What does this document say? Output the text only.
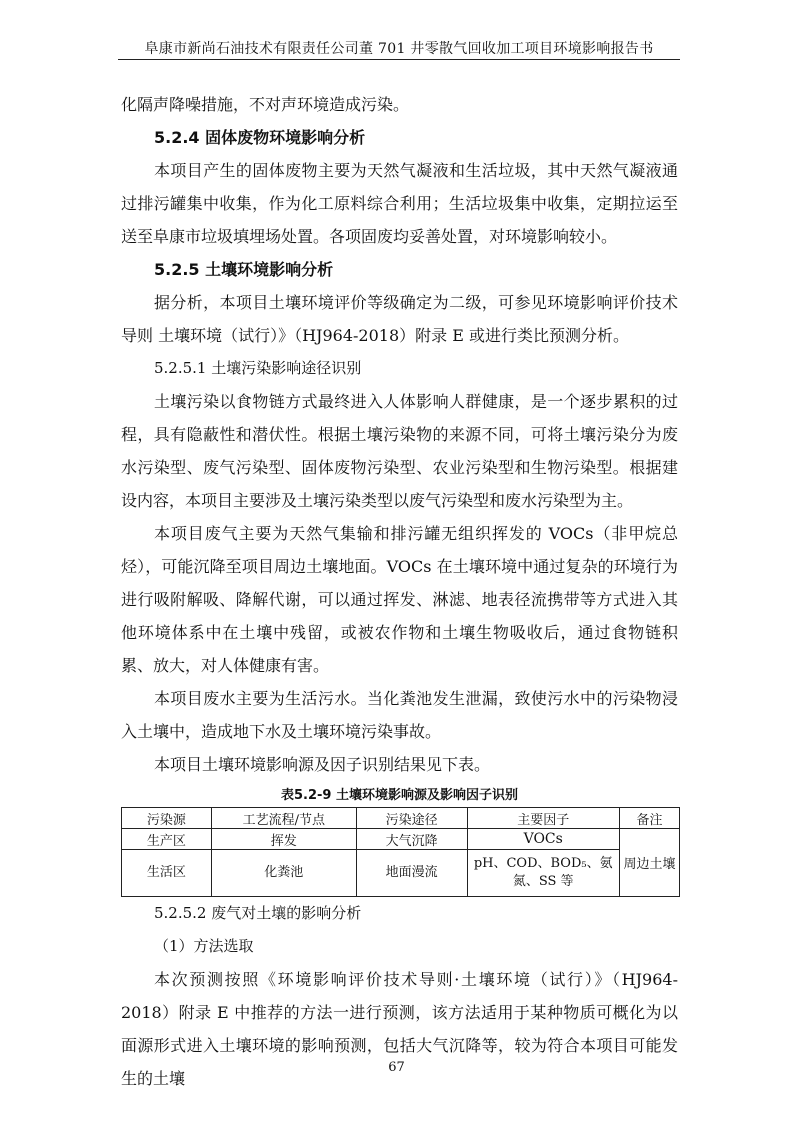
阜康市新尚石油技术有限责任公司董 701 井零散气回收加工项目环境影响报告书

化隔声降噪措施，不对声环境造成污染。

5.2.4 固体废物环境影响分析

本项目产生的固体废物主要为天然气凝液和生活垃圾，其中天然气凝液通过排污罐集中收集，作为化工原料综合利用；生活垃圾集中收集，定期拉运至送至阜康市垃圾填埋场处置。各项固废均妥善处置，对环境影响较小。

5.2.5 土壤环境影响分析

据分析，本项目土壤环境评价等级确定为二级，可参见环境影响评价技术导则 土壤环境（试行）》（HJ964-2018）附录 E 或进行类比预测分析。

5.2.5.1 土壤污染影响途径识别

土壤污染以食物链方式最终进入人体影响人群健康，是一个逐步累积的过程，具有隐蔽性和潜伏性。根据土壤污染物的来源不同，可将土壤污染分为废水污染型、废气污染型、固体废物污染型、农业污染型和生物污染型。根据建设内容，本项目主要涉及土壤污染类型以废气污染型和废水污染型为主。

本项目废气主要为天然气集输和排污罐无组织挥发的 VOCs（非甲烷总烃），可能沉降至项目周边土壤地面。VOCs 在土壤环境中通过复杂的环境行为进行吸附解吸、降解代谢，可以通过挥发、淋滤、地表径流携带等方式进入其他环境体系中在土壤中残留，或被农作物和土壤生物吸收后，通过食物链积累、放大，对人体健康有害。

本项目废水主要为生活污水。当化粪池发生泄漏，致使污水中的污染物浸入土壤中，造成地下水及土壤环境污染事故。

本项目土壤环境影响源及因子识别结果见下表。

表5.2-9 土壤环境影响源及影响因子识别

污染源	工艺流程/节点	污染途径	主要因子	备注
生产区	挥发	大气沉降	VOCs	周边土壤
生活区	化粪池	地面漫流	pH、COD、BOD₅、氨氮、SS 等	

5.2.5.2 废气对土壤的影响分析

（1）方法选取

本次预测按照《环境影响评价技术导则·土壤环境（试行）》（HJ964-2018）附录 E 中推荐的方法一进行预测，该方法适用于某种物质可概化为以面源形式进入土壤环境的影响预测，包括大气沉降等，较为符合本项目可能发生的土壤

67
